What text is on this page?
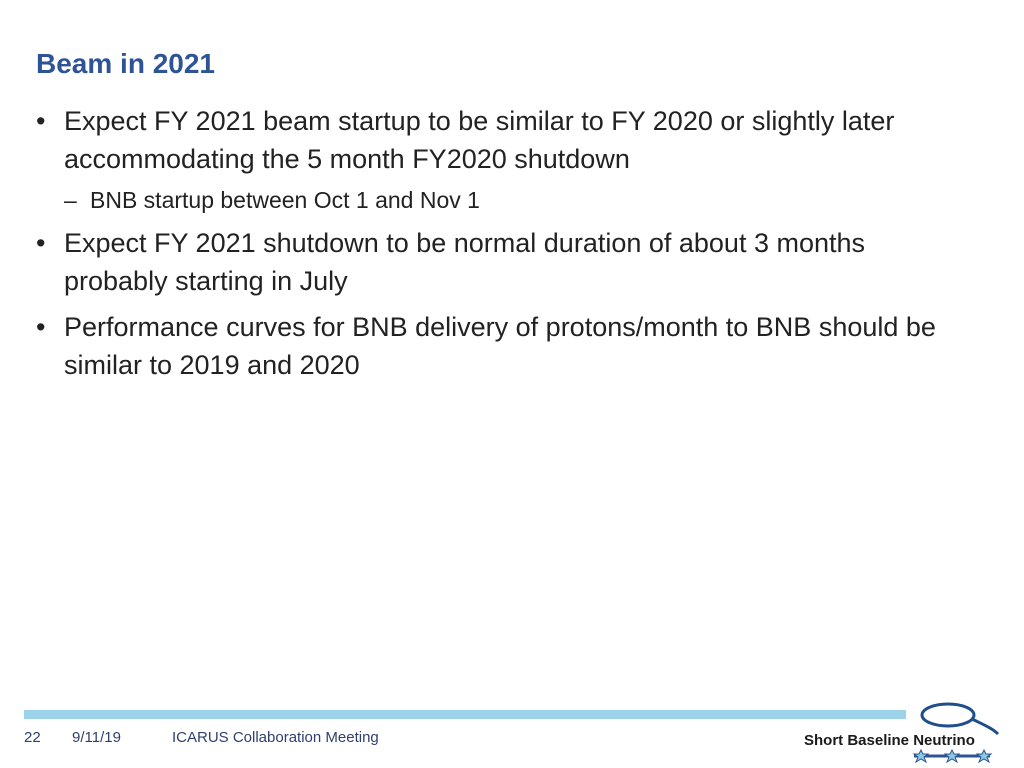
Beam in 2021
• Expect FY 2021 beam startup to be similar to FY 2020 or slightly later
accommodating the 5 month FY2020 shutdown
– BNB startup between Oct 1 and Nov 1
• Expect FY 2021 shutdown to be normal duration of about 3 months
probably starting in July
• Performance curves for BNB delivery of protons/month to BNB should be
similar to 2019 and 2020
22 9/11/19	ICARUS Collaboration Meeting	Short Baseline Neutrino
